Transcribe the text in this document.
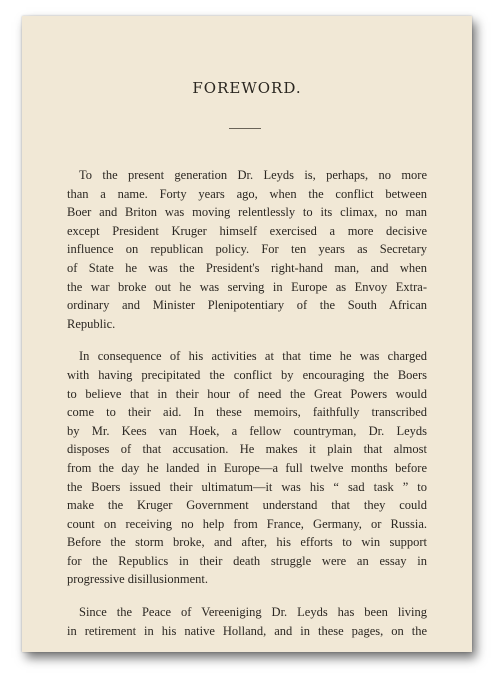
FOREWORD.
To the present generation Dr. Leyds is, perhaps, no more
than a name. Forty years ago, when the conflict between
Boer and Briton was moving relentlessly to its climax, no man
except President Kruger himself exercised a more decisive
influence on republican policy. For ten years as Secretary
of State he was the President's right-hand man, and when
the war broke out he was serving in Europe as Envoy Extra-
ordinary and Minister Plenipotentiary of the South African
Republic.
In consequence of his activities at that time he was charged
with having precipitated the conflict by encouraging the Boers
to believe that in their hour of need the Great Powers would
come to their aid. In these memoirs, faithfully transcribed
by Mr. Kees van Hoek, a fellow countryman, Dr. Leyds
disposes of that accusation. He makes it plain that almost
from the day he landed in Europe—a full twelve months before
the Boers issued their ultimatum—it was his “ sad task ” to
make the Kruger Government understand that they could
count on receiving no help from France, Germany, or Russia.
Before the storm broke, and after, his efforts to win support
for the Republics in their death struggle were an essay in
progressive disillusionment.
Since the Peace of Vereeniging Dr. Leyds has been living
in retirement in his native Holland, and in these pages, on the
